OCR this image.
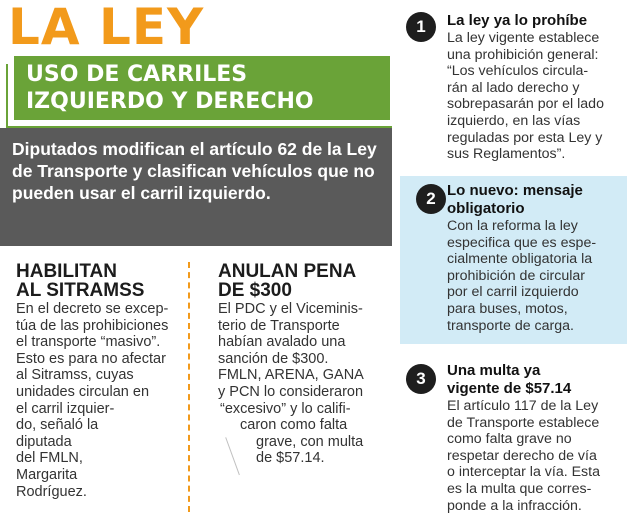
LA LEY
USO DE CARRILES
IZQUIERDO Y DERECHO
Diputados modifican el artículo 62 de la Ley de Transporte y clasifican vehículos que no pueden usar el carril izquierdo.
HABILITAN
AL SITRAMSS
En el decreto se excep-
túa de las prohibiciones
el transporte “masivo”.
Esto es para no afectar
al Sitramss, cuyas
unidades circulan en
el carril izquier-
do, señaló la
diputada
del FMLN,
Margarita
Rodríguez.
ANULAN PENA
DE $300
El PDC y el Viceminis-
terio de Transporte
habían avalado una
sanción de $300.
FMLN, ARENA, GANA
y PCN lo consideraron
“excesivo” y lo califi-
caron como falta
grave, con multa
de $57.14.
1	La ley ya lo prohíbe
La ley vigente establece
una prohibición general:
“Los vehículos circula-
rán al lado derecho y
sobrepasarán por el lado
izquierdo, en las vías
reguladas por esta Ley y
sus Reglamentos”.
2 Lo nuevo: mensaje
obligatorio
Con la reforma la ley
especifica que es espe-
cialmente obligatoria la
prohibición de circular
por el carril izquierdo
para buses, motos,
transporte de carga.
3	Una multa ya
vigente de $57.14
El artículo 117 de la Ley
de Transporte establece
como falta grave no
respetar derecho de vía
o interceptar la vía. Esta
es la multa que corres-
ponde a la infracción.
